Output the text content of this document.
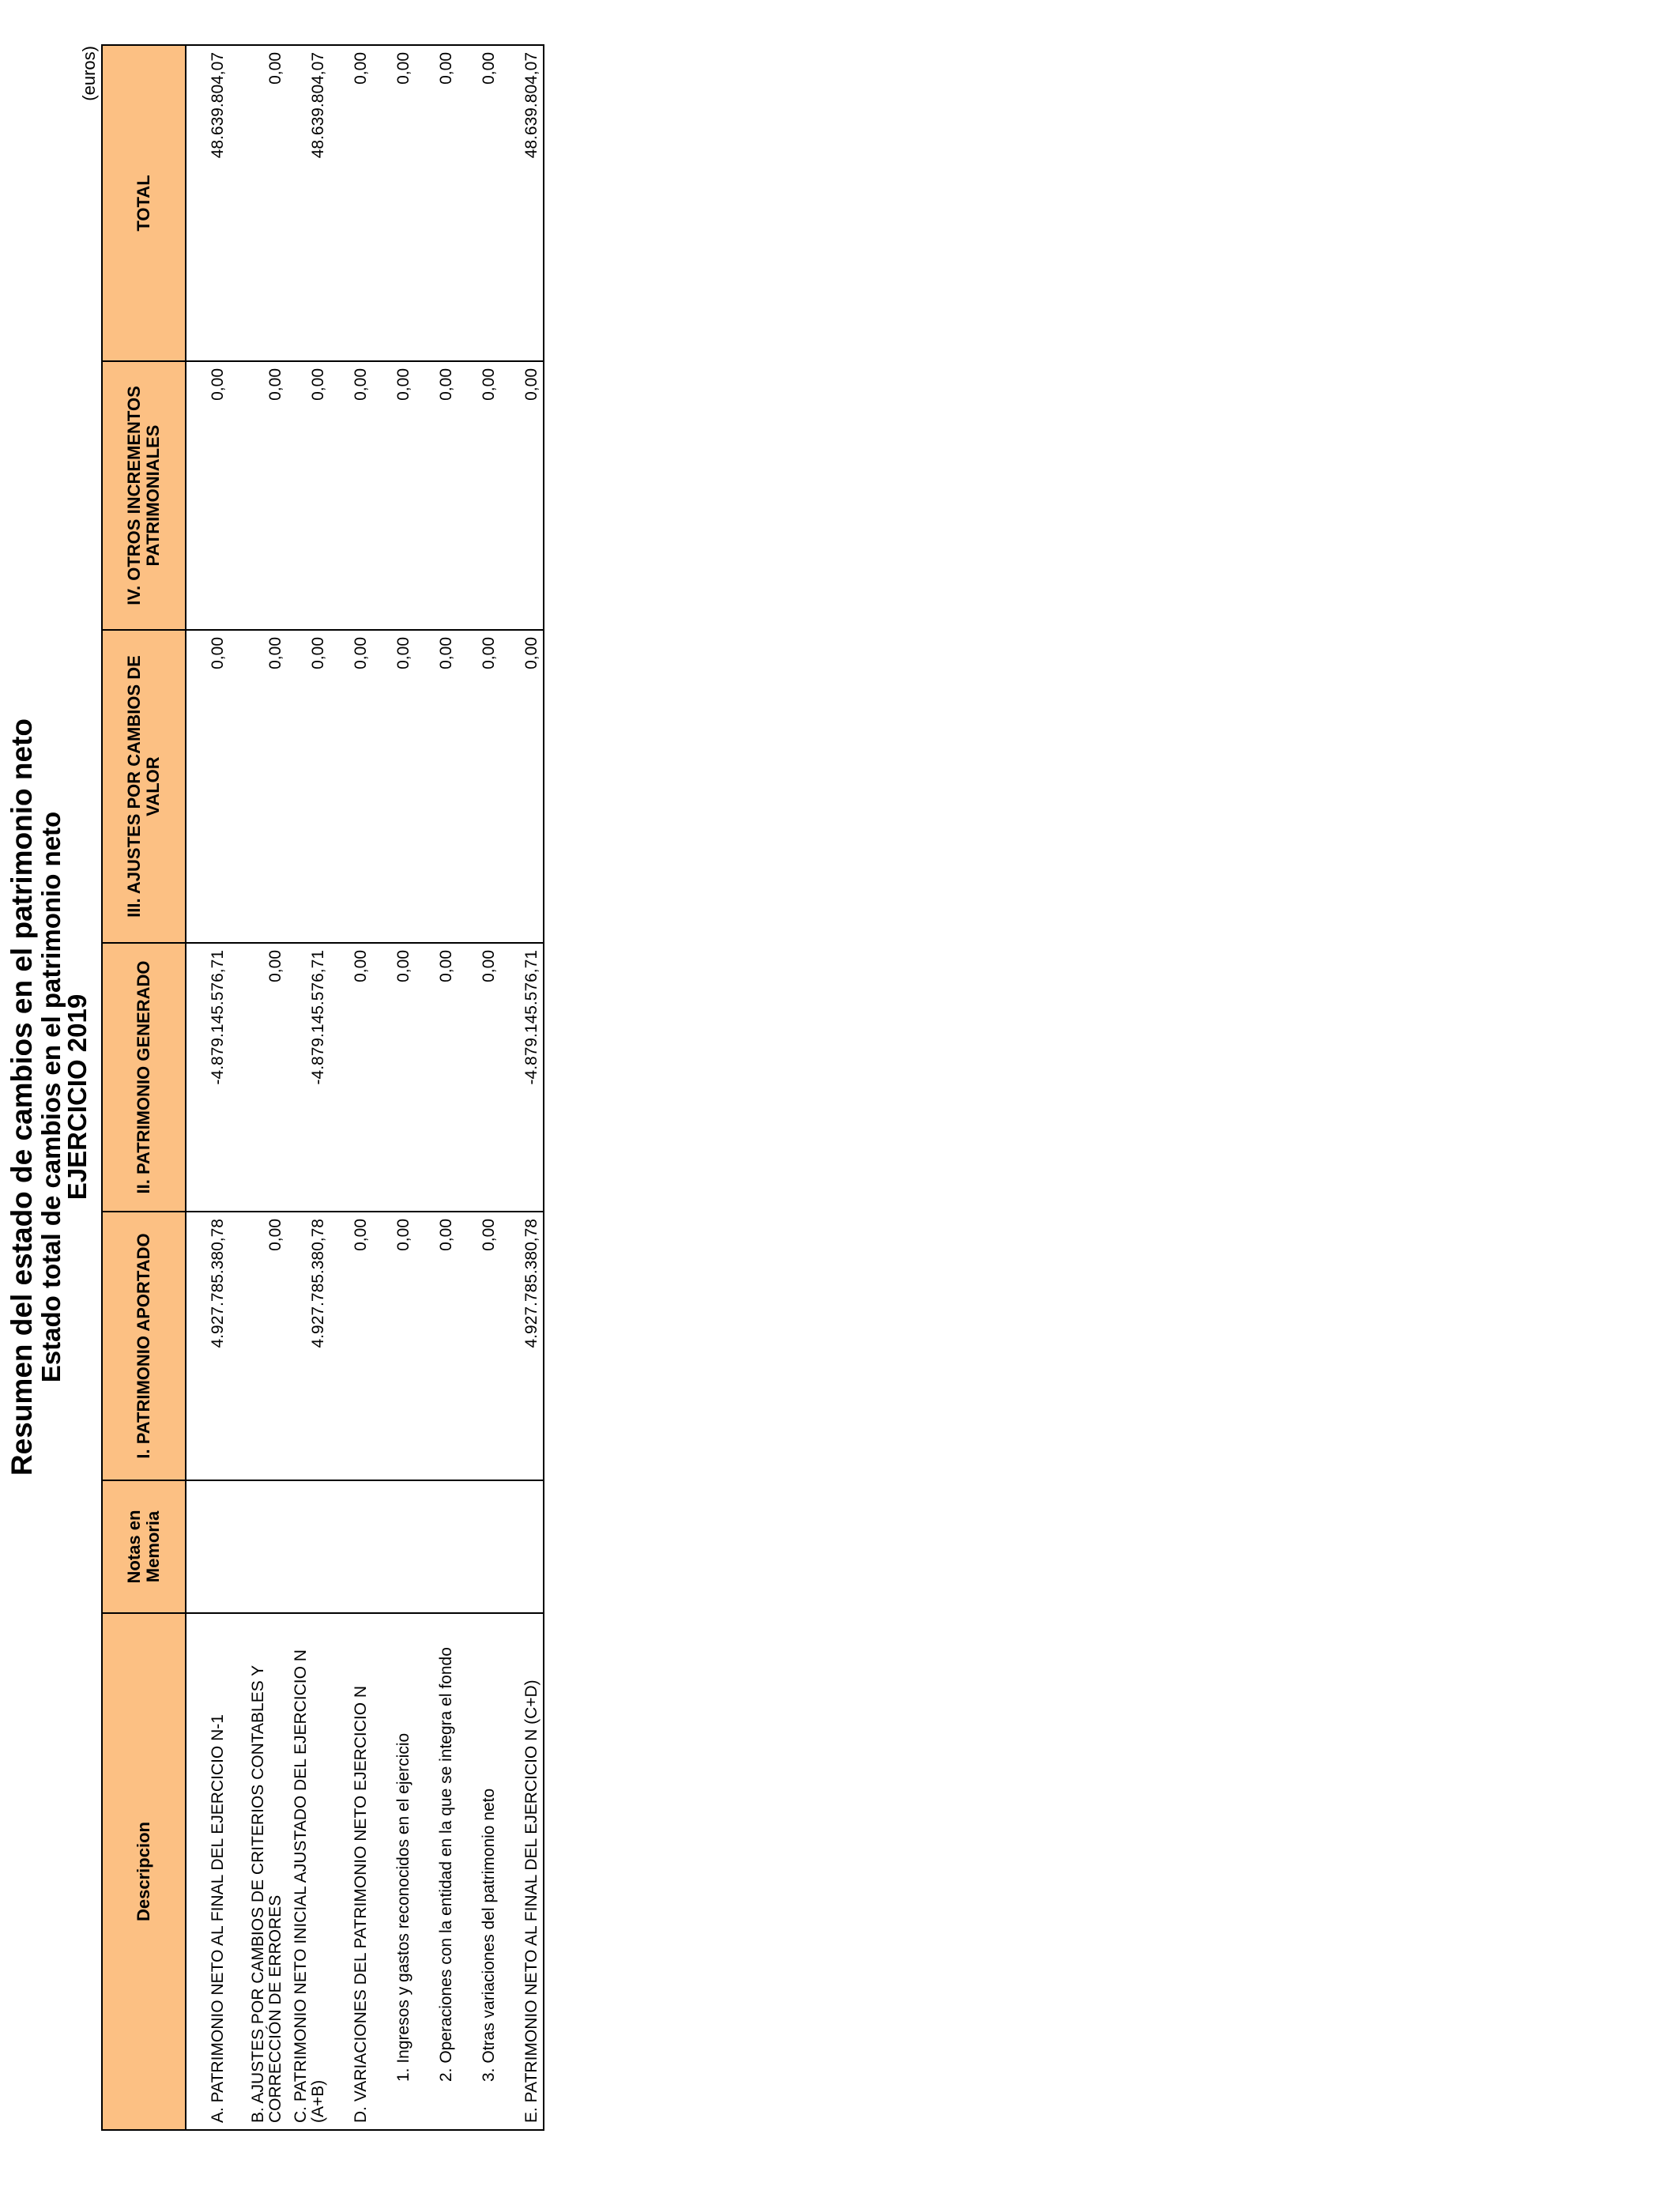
Resumen del estado de cambios en el patrimonio neto
Estado total de cambios en el patrimonio neto
EJERCICIO 2019
(euros)
Descripcion	Notas en Memoria	I. PATRIMONIO APORTADO	II. PATRIMONIO GENERADO	III. AJUSTES POR CAMBIOS DE VALOR	IV. OTROS INCREMENTOS PATRIMONIALES	TOTAL
A. PATRIMONIO NETO AL FINAL DEL EJERCICIO N-1		4.927.785.380,78	-4.879.145.576,71	0,00	0,00	48.639.804,07
B. AJUSTES POR CAMBIOS DE CRITERIOS CONTABLES Y CORRECCIÓN DE ERRORES		0,00	0,00	0,00	0,00	0,00
C. PATRIMONIO NETO INICIAL AJUSTADO DEL EJERCICIO N (A+B)		4.927.785.380,78	-4.879.145.576,71	0,00	0,00	48.639.804,07
D. VARIACIONES DEL PATRIMONIO NETO EJERCICIO N		0,00	0,00	0,00	0,00	0,00
1. Ingresos y gastos reconocidos en el ejercicio		0,00	0,00	0,00	0,00	0,00
2. Operaciones con la entidad en la que se integra el fondo		0,00	0,00	0,00	0,00	0,00
3. Otras variaciones del patrimonio neto		0,00	0,00	0,00	0,00	0,00
E. PATRIMONIO NETO AL FINAL DEL EJERCICIO N (C+D)		4.927.785.380,78	-4.879.145.576,71	0,00	0,00	48.639.804,07
